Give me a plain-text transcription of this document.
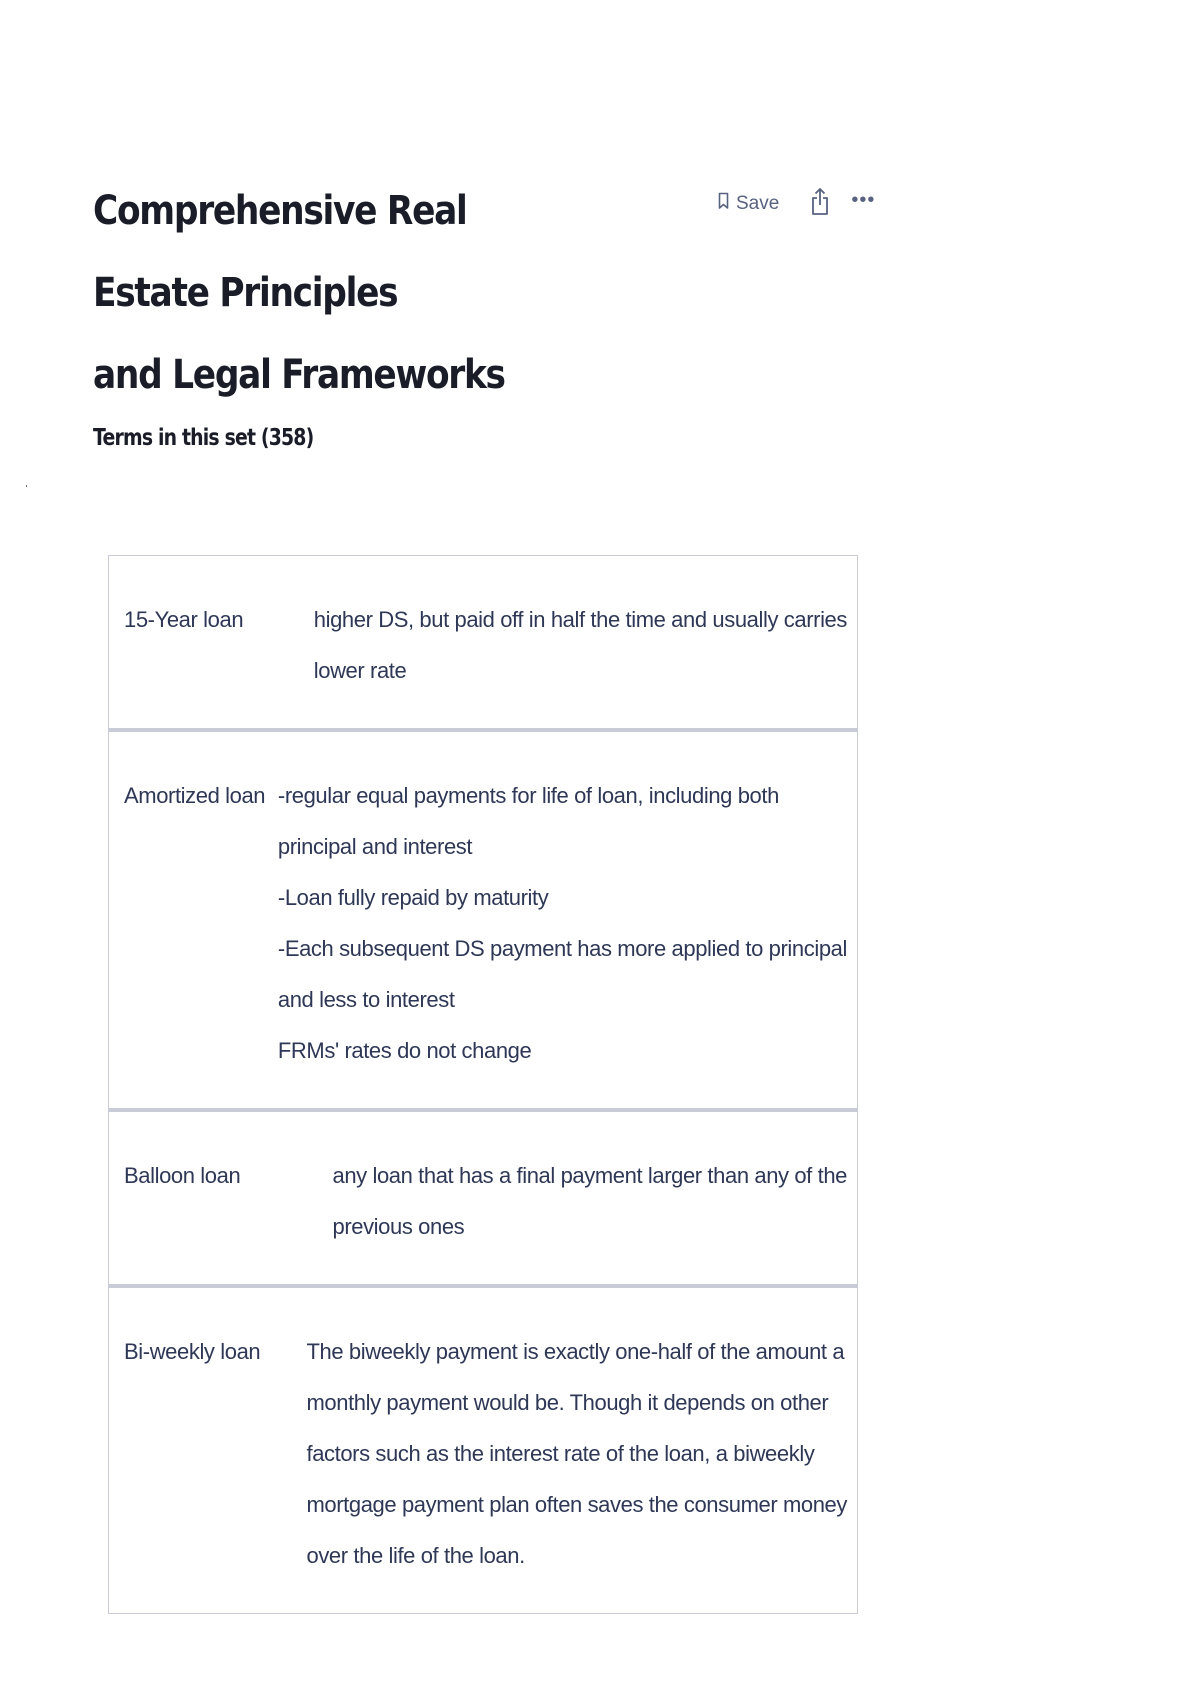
Comprehensive Real Estate Principles
and Legal Frameworks
Save	•••
Terms in this set (358)
15-Year loan	higher DS, but paid off in half the time and usually carries
lower rate
Amortized loan -regular equal payments for life of loan, including both
principal and interest
-Loan fully repaid by maturity
-Each subsequent DS payment has more applied to principal
and less to interest
FRMs' rates do not change
Balloon loan	any loan that has a final payment larger than any of the
previous ones
Bi-weekly loan	The biweekly payment is exactly one-half of the amount a
monthly payment would be. Though it depends on other
factors such as the interest rate of the loan, a biweekly
mortgage payment plan often saves the consumer money
over the life of the loan.
